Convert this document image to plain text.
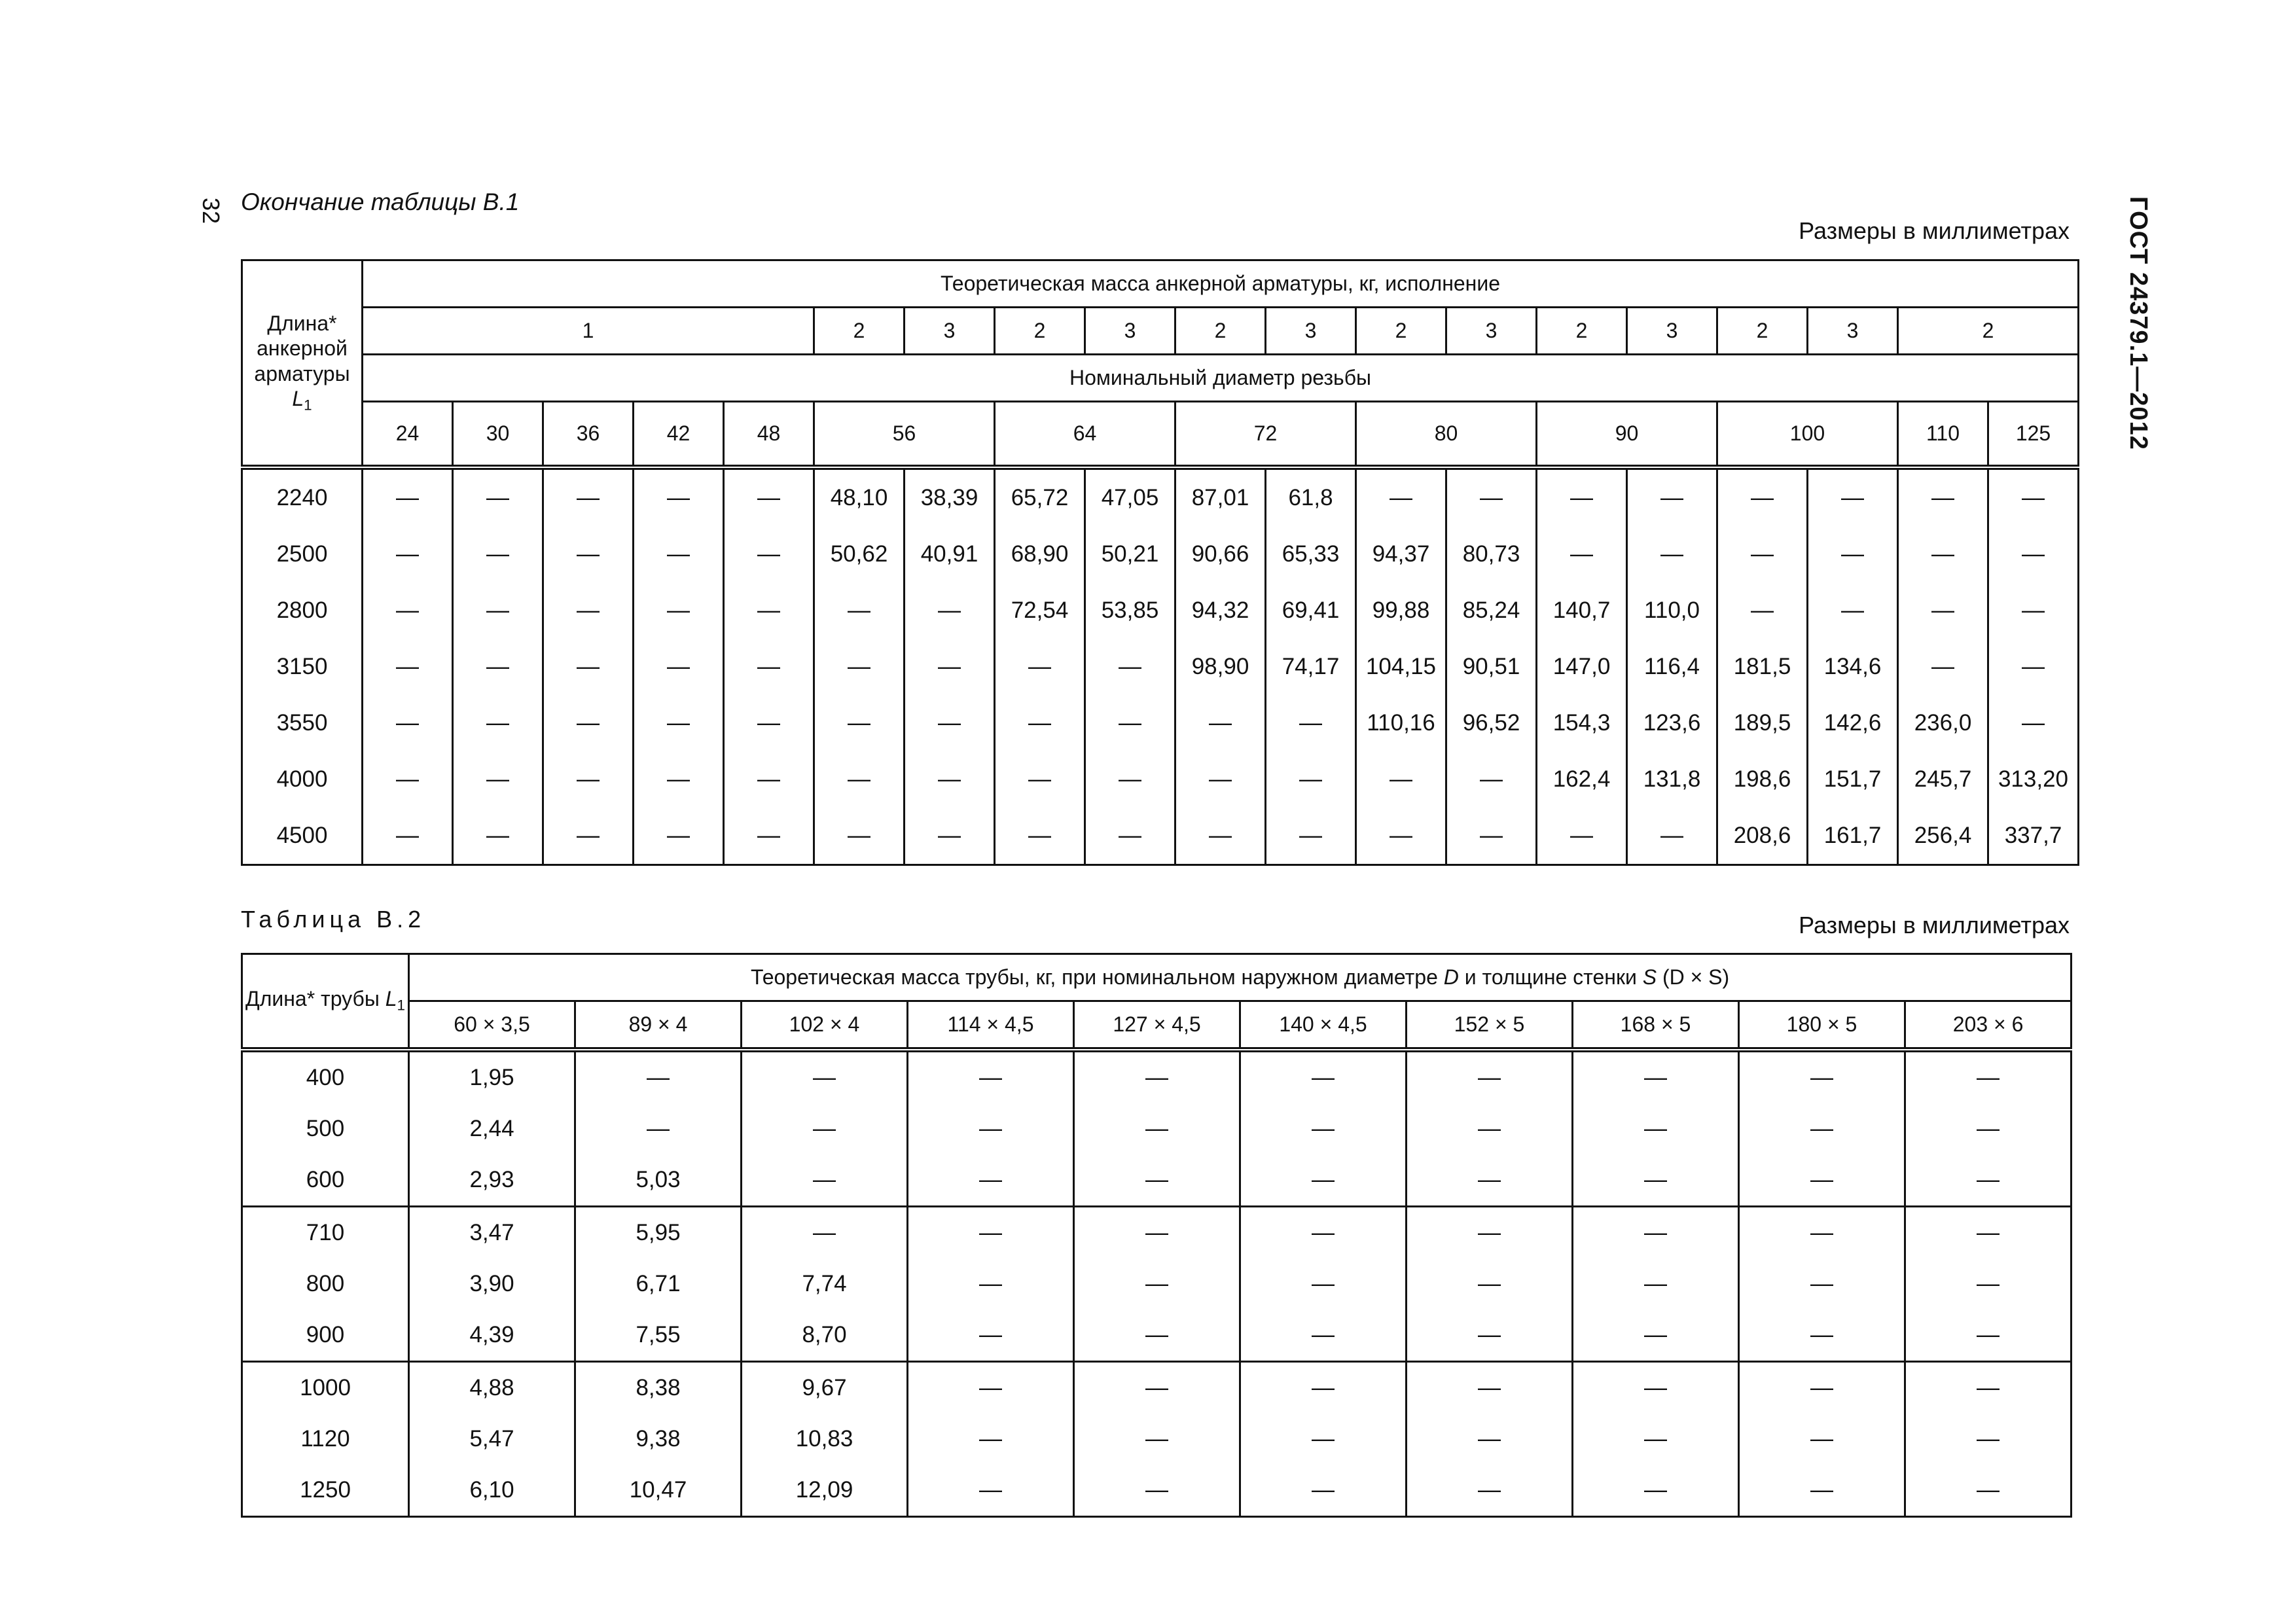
32 Окончание таблицы В.1
Размеры в миллиметрах ГОСТ 24379.1—2012
Длина* анкерной арматуры
$L_1$	Теоретическая масса анкерной арматуры, кг, исполнение																		
	1					2	3	2	3	2	3	2	3	2	3	2	3	2	
	Номинальный диаметр резьбы																		
	24	30	36	42	48	56		64		72		80		90		100		110	125
2240	—	—	—	—	—	48,10	38,39	65,72	47,05	87,01	61,8	—	—	—	—	—	—	—	—
2500	—	—	—	—	—	50,62	40,91	68,90	50,21	90,66	65,33	94,37	80,73	—	—	—	—	—	—
2800	—	—	—	—	—	—	—	72,54	53,85	94,32	69,41	99,88	85,24	140,7	110,0	—	—	—	—
3150	—	—	—	—	—	—	—	—	—	98,90	74,17	104,15	90,51	147,0	116,4	181,5	134,6	—	—
3550	—	—	—	—	—	—	—	—	—	—	—	110,16	96,52	154,3	123,6	189,5	142,6	236,0	—
4000	—	—	—	—	—	—	—	—	—	—	—	—	—	162,4	131,8	198,6	151,7	245,7	313,20
4500	—	—	—	—	—	—	—	—	—	—	—	—	—	—	—	208,6	161,7	256,4	337,7
Таблица В.2	Размеры в миллиметрах
Длина* трубы $L_1$	Теоретическая масса трубы, кг, при номинальном наружном диаметре D и толщине стенки S (D × S)									
	60 × 3,5	89 × 4	102 × 4	114 × 4,5	127 × 4,5	140 × 4,5	152 × 5	168 × 5	180 × 5	203 × 6
400	1,95	—	—	—	—	—	—	—	—	—
500	2,44	—	—	—	—	—	—	—	—	—
600	2,93	5,03	—	—	—	—	—	—	—	—
710	3,47	5,95	—	—	—	—	—	—	—	—
800	3,90	6,71	7,74	—	—	—	—	—	—	—
900	4,39	7,55	8,70	—	—	—	—	—	—	—
1000	4,88	8,38	9,67	—	—	—	—	—	—	—
1120	5,47	9,38	10,83	—	—	—	—	—	—	—
1250	6,10	10,47	12,09	—	—	—	—	—	—	—
